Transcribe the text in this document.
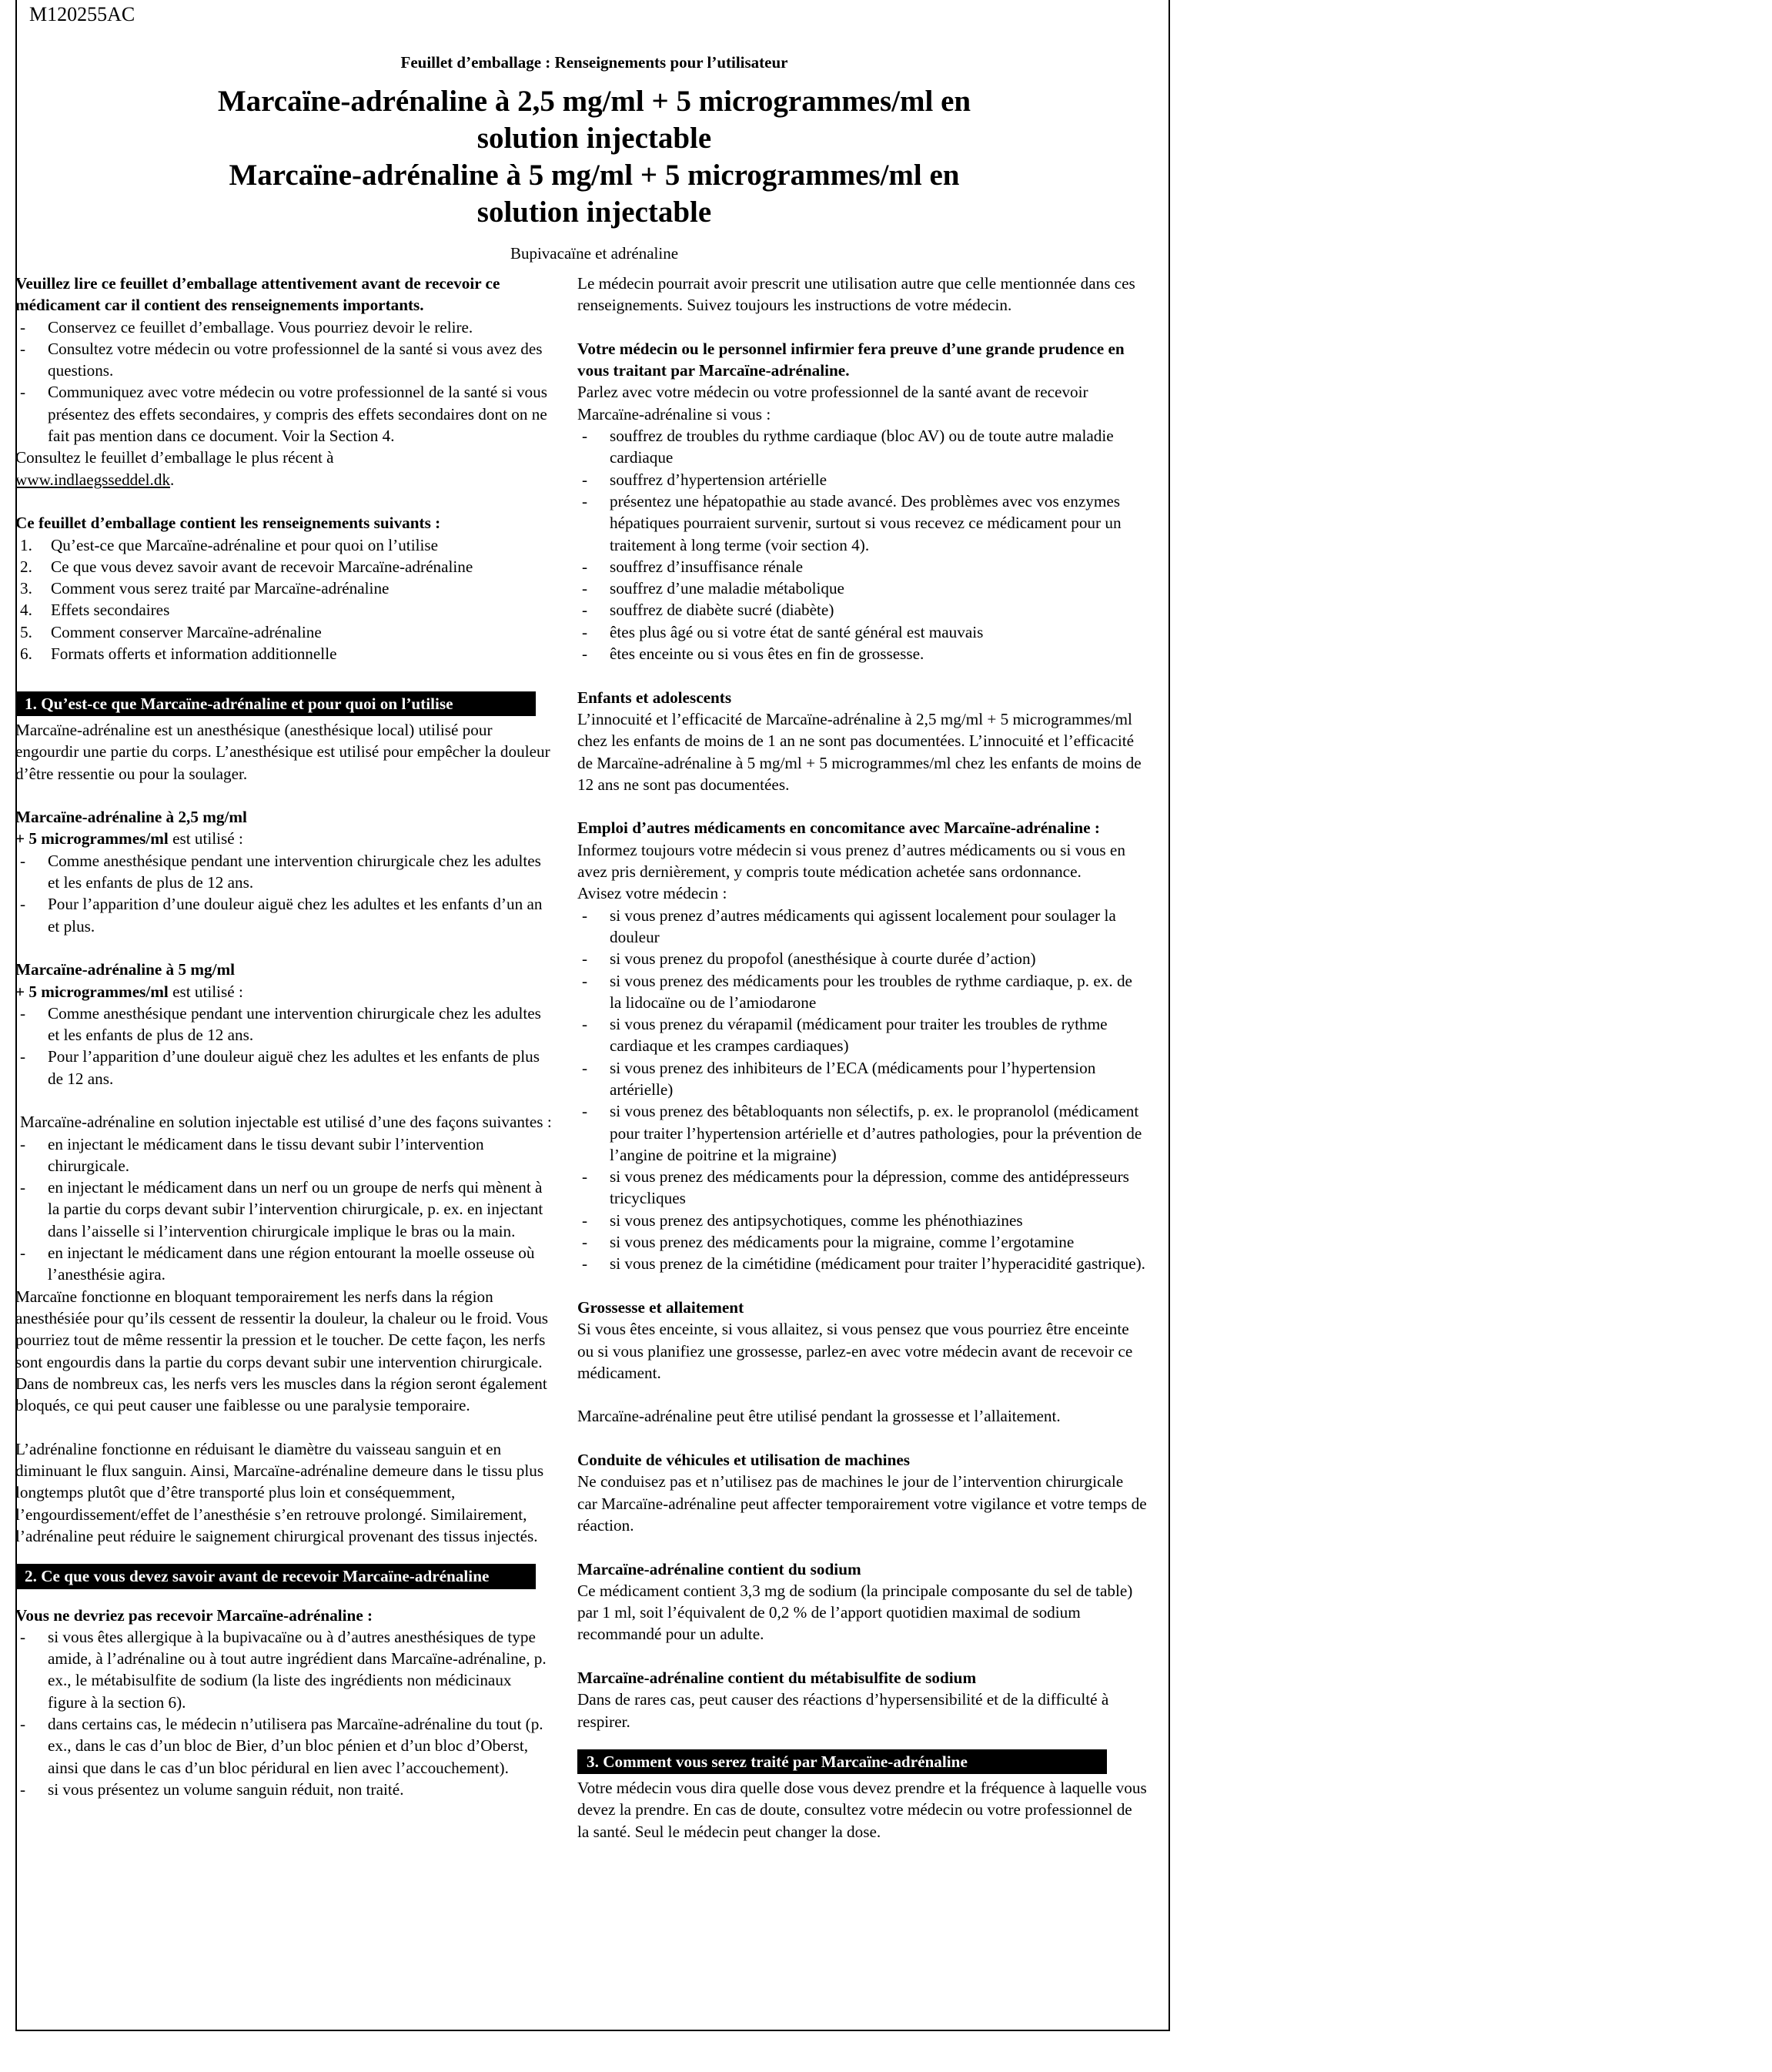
M120255AC
Feuillet d’emballage : Renseignements pour l’utilisateur
Marcaïne-adrénaline à 2,5 mg/ml + 5 microgrammes/ml en
solution injectable
Marcaïne-adrénaline à 5 mg/ml + 5 microgrammes/ml en
solution injectable
Bupivacaïne et adrénaline

Veuillez lire ce feuillet d’emballage attentivement avant de recevoir ce médicament car il contient des renseignements importants.

- Conservez ce feuillet d’emballage. Vous pourriez devoir le relire.
- Consultez votre médecin ou votre professionnel de la santé si vous avez des questions.
- Communiquez avec votre médecin ou votre professionnel de la santé si vous présentez des effets secondaires, y compris des effets secondaires dont on ne fait pas mention dans ce document. Voir la Section 4.

Consultez le feuillet d’emballage le plus récent à
www.indlaegsseddel.dk.

Ce feuillet d’emballage contient les renseignements suivants :

Qu’est-ce que Marcaïne-adrénaline et pour quoi on l’utilise
Ce que vous devez savoir avant de recevoir Marcaïne-adrénaline
Comment vous serez traité par Marcaïne-adrénaline
Effets secondaires
Comment conserver Marcaïne-adrénaline
Formats offerts et information additionnelle
1. Qu’est-ce que Marcaïne-adrénaline et pour quoi on l’utilise

Marcaïne-adrénaline est un anesthésique (anesthésique local) utilisé pour engourdir une partie du corps. L’anesthésique est utilisé pour empêcher la douleur d’être ressentie ou pour la soulager.

Marcaïne-adrénaline à 2,5 mg/ml

+ 5 microgrammes/ml est utilisé :

- Comme anesthésique pendant une intervention chirurgicale chez les adultes et les enfants de plus de 12 ans.
- Pour l’apparition d’une douleur aiguë chez les adultes et les enfants d’un an et plus.

Marcaïne-adrénaline à 5 mg/ml

+ 5 microgrammes/ml est utilisé :

- Comme anesthésique pendant une intervention chirurgicale chez les adultes et les enfants de plus de 12 ans.
- Pour l’apparition d’une douleur aiguë chez les adultes et les enfants de plus de 12 ans.

Marcaïne-adrénaline en solution injectable est utilisé d’une des façons suivantes :

- en injectant le médicament dans le tissu devant subir l’intervention chirurgicale.
- en injectant le médicament dans un nerf ou un groupe de nerfs qui mènent à la partie du corps devant subir l’intervention chirurgicale, p. ex. en injectant dans l’aisselle si l’intervention chirurgicale implique le bras ou la main.
- en injectant le médicament dans une région entourant la moelle osseuse où l’anesthésie agira.

Marcaïne fonctionne en bloquant temporairement les nerfs dans la région anesthésiée pour qu’ils cessent de ressentir la douleur, la chaleur ou le froid. Vous pourriez tout de même ressentir la pression et le toucher. De cette façon, les nerfs sont engourdis dans la partie du corps devant subir une intervention chirurgicale. Dans de nombreux cas, les nerfs vers les muscles dans la région seront également bloqués, ce qui peut causer une faiblesse ou une paralysie temporaire.

L’adrénaline fonctionne en réduisant le diamètre du vaisseau sanguin et en diminuant le flux sanguin. Ainsi, Marcaïne-adrénaline demeure dans le tissu plus longtemps plutôt que d’être transporté plus loin et conséquemment, l’engourdissement/effet de l’anesthésie s’en retrouve prolongé. Similairement, l’adrénaline peut réduire le saignement chirurgical provenant des tissus injectés.

2. Ce que vous devez savoir avant de recevoir Marcaïne-adrénaline

Vous ne devriez pas recevoir Marcaïne-adrénaline :

- si vous êtes allergique à la bupivacaïne ou à d’autres anesthésiques de type amide, à l’adrénaline ou à tout autre ingrédient dans Marcaïne-adrénaline, p. ex., le métabisulfite de sodium (la liste des ingrédients non médicinaux figure à la section 6).
- dans certains cas, le médecin n’utilisera pas Marcaïne-adrénaline du tout (p. ex., dans le cas d’un bloc de Bier, d’un bloc pénien et d’un bloc d’Oberst, ainsi que dans le cas d’un bloc péridural en lien avec l’accouchement).
- si vous présentez un volume sanguin réduit, non traité.

Le médecin pourrait avoir prescrit une utilisation autre que celle mentionnée dans ces renseignements. Suivez toujours les instructions de votre médecin.

Votre médecin ou le personnel infirmier fera preuve d’une grande prudence en vous traitant par Marcaïne-adrénaline.

Parlez avec votre médecin ou votre professionnel de la santé avant de recevoir Marcaïne-adrénaline si vous :

- souffrez de troubles du rythme cardiaque (bloc AV) ou de toute autre maladie cardiaque
- souffrez d’hypertension artérielle
- présentez une hépatopathie au stade avancé. Des problèmes avec vos enzymes hépatiques pourraient survenir, surtout si vous recevez ce médicament pour un traitement à long terme (voir section 4).
- souffrez d’insuffisance rénale
- souffrez d’une maladie métabolique
- souffrez de diabète sucré (diabète)
- êtes plus âgé ou si votre état de santé général est mauvais
- êtes enceinte ou si vous êtes en fin de grossesse.

Enfants et adolescents

L’innocuité et l’efficacité de Marcaïne-adrénaline à 2,5 mg/ml + 5 microgrammes/ml chez les enfants de moins de 1 an ne sont pas documentées. L’innocuité et l’efficacité de Marcaïne-adrénaline à 5 mg/ml + 5 microgrammes/ml chez les enfants de moins de 12 ans ne sont pas documentées.

Emploi d’autres médicaments en concomitance avec Marcaïne-adrénaline :

Informez toujours votre médecin si vous prenez d’autres médicaments ou si vous en avez pris dernièrement, y compris toute médication achetée sans ordonnance.

Avisez votre médecin :

- si vous prenez d’autres médicaments qui agissent localement pour soulager la douleur
- si vous prenez du propofol (anesthésique à courte durée d’action)
- si vous prenez des médicaments pour les troubles de rythme cardiaque, p. ex. de la lidocaïne ou de l’amiodarone
- si vous prenez du vérapamil (médicament pour traiter les troubles de rythme cardiaque et les crampes cardiaques)
- si vous prenez des inhibiteurs de l’ECA (médicaments pour l’hypertension artérielle)
- si vous prenez des bêtabloquants non sélectifs, p. ex. le propranolol (médicament pour traiter l’hypertension artérielle et d’autres pathologies, pour la prévention de l’angine de poitrine et la migraine)
- si vous prenez des médicaments pour la dépression, comme des antidépresseurs tricycliques
- si vous prenez des antipsychotiques, comme les phénothiazines
- si vous prenez des médicaments pour la migraine, comme l’ergotamine
- si vous prenez de la cimétidine (médicament pour traiter l’hyperacidité gastrique).

Grossesse et allaitement

Si vous êtes enceinte, si vous allaitez, si vous pensez que vous pourriez être enceinte ou si vous planifiez une grossesse, parlez-en avec votre médecin avant de recevoir ce médicament.

Marcaïne-adrénaline peut être utilisé pendant la grossesse et l’allaitement.

Conduite de véhicules et utilisation de machines

Ne conduisez pas et n’utilisez pas de machines le jour de l’intervention chirurgicale car Marcaïne-adrénaline peut affecter temporairement votre vigilance et votre temps de réaction.

Marcaïne-adrénaline contient du sodium

Ce médicament contient 3,3 mg de sodium (la principale composante du sel de table) par 1 ml, soit l’équivalent de 0,2 % de l’apport quotidien maximal de sodium recommandé pour un adulte.

Marcaïne-adrénaline contient du métabisulfite de sodium

Dans de rares cas, peut causer des réactions d’hypersensibilité et de la difficulté à respirer.

3. Comment vous serez traité par Marcaïne-adrénaline

Votre médecin vous dira quelle dose vous devez prendre et la fréquence à laquelle vous devez la prendre. En cas de doute, consultez votre médecin ou votre professionnel de la santé. Seul le médecin peut changer la dose.
